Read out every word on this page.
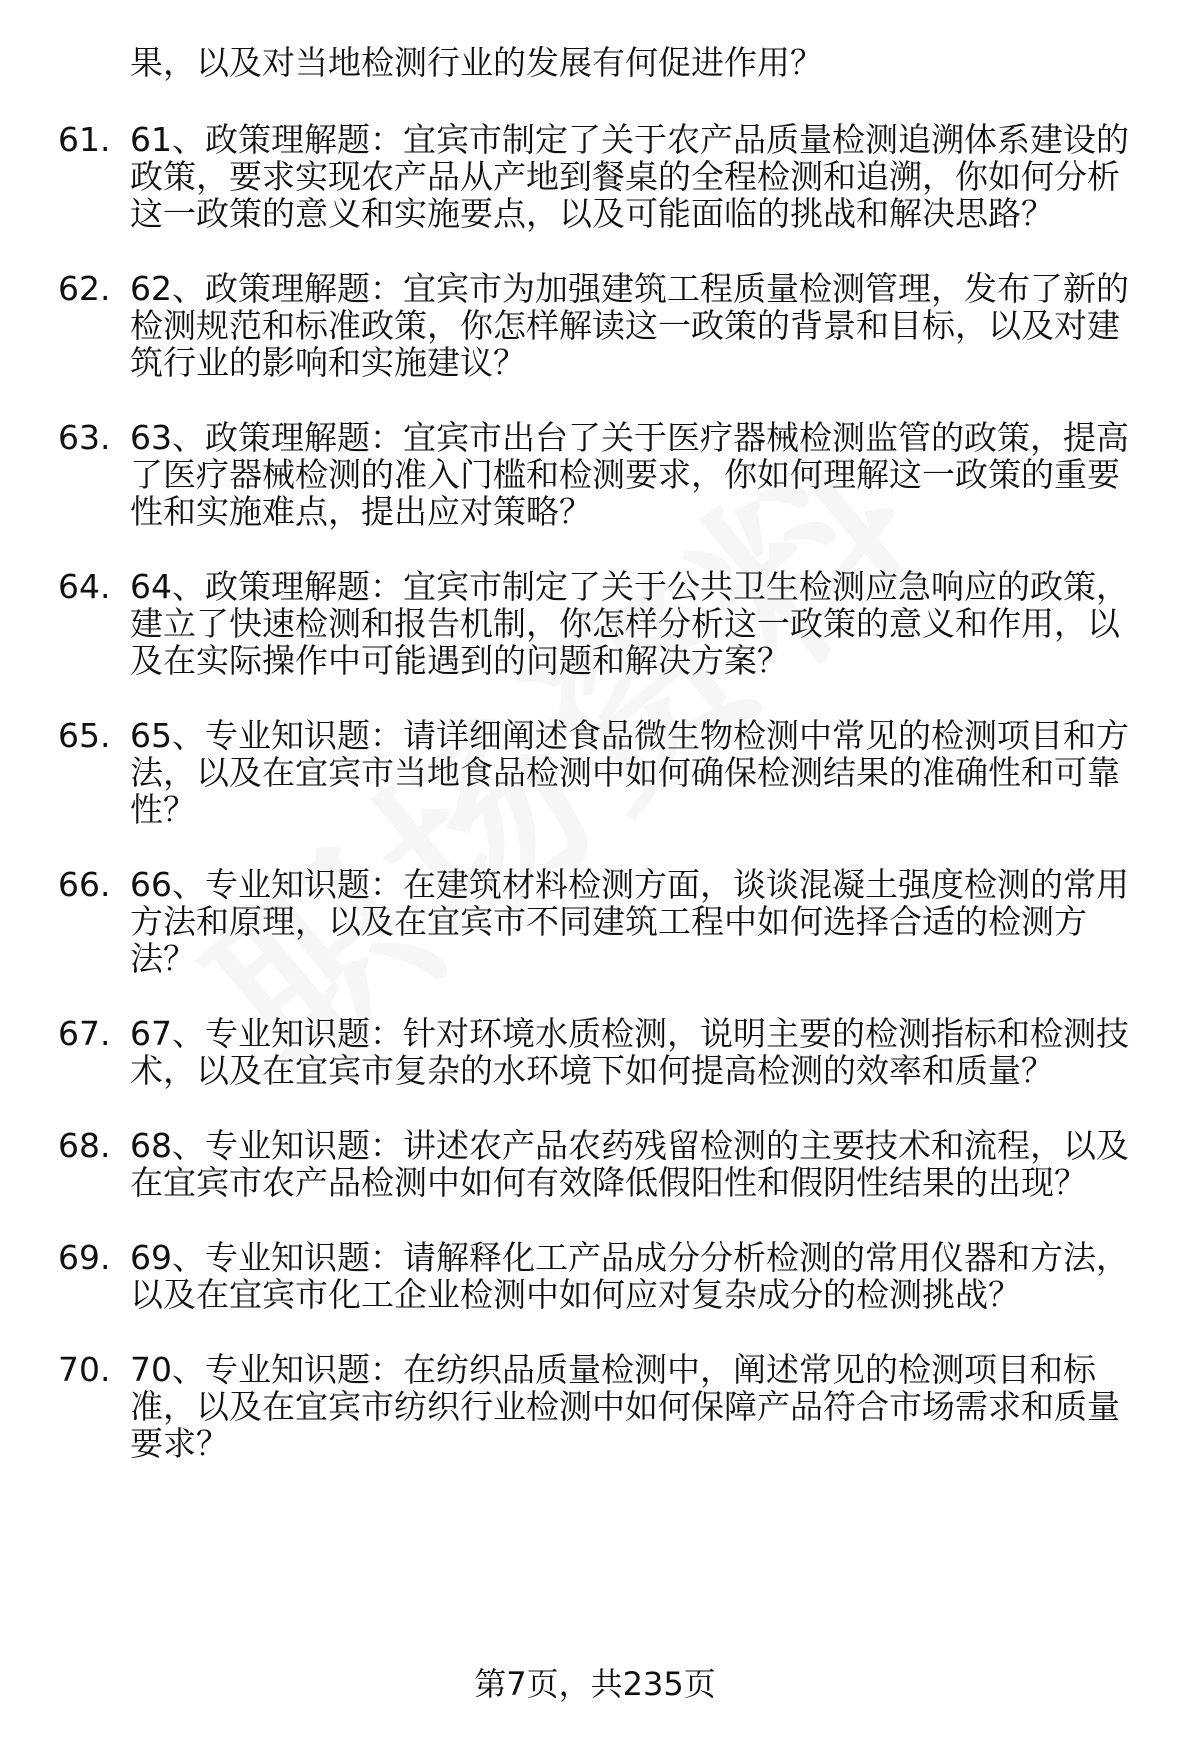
果，以及对当地检测行业的发展有何促进作用？
61. 61、政策理解题：宜宾市制定了关于农产品质量检测追溯体系建设的政策，要求实现农产品从产地到餐桌的全程检测和追溯，你如何分析这一政策的意义和实施要点，以及可能面临的挑战和解决思路？
62. 62、政策理解题：宜宾市为加强建筑工程质量检测管理，发布了新的检测规范和标准政策，你怎样解读这一政策的背景和目标，以及对建筑行业的影响和实施建议？
63. 63、政策理解题：宜宾市出台了关于医疗器械检测监管的政策，提高了医疗器械检测的准入门槛和检测要求，你如何理解这一政策的重要性和实施难点，提出应对策略？
64. 64、政策理解题：宜宾市制定了关于公共卫生检测应急响应的政策，建立了快速检测和报告机制，你怎样分析这一政策的意义和作用，以及在实际操作中可能遇到的问题和解决方案？
65. 65、专业知识题：请详细阐述食品微生物检测中常见的检测项目和方法，以及在宜宾市当地食品检测中如何确保检测结果的准确性和可靠性？
66. 66、专业知识题：在建筑材料检测方面，谈谈混凝土强度检测的常用方法和原理，以及在宜宾市不同建筑工程中如何选择合适的检测方法？
67. 67、专业知识题：针对环境水质检测，说明主要的检测指标和检测技术，以及在宜宾市复杂的水环境下如何提高检测的效率和质量？
68. 68、专业知识题：讲述农产品农药残留检测的主要技术和流程，以及在宜宾市农产品检测中如何有效降低假阳性和假阴性结果的出现？
69. 69、专业知识题：请解释化工产品成分分析检测的常用仪器和方法，以及在宜宾市化工企业检测中如何应对复杂成分的检测挑战？
70. 70、专业知识题：在纺织品质量检测中，阐述常见的检测项目和标准，以及在宜宾市纺织行业检测中如何保障产品符合市场需求和质量要求？
第7页，共235页
